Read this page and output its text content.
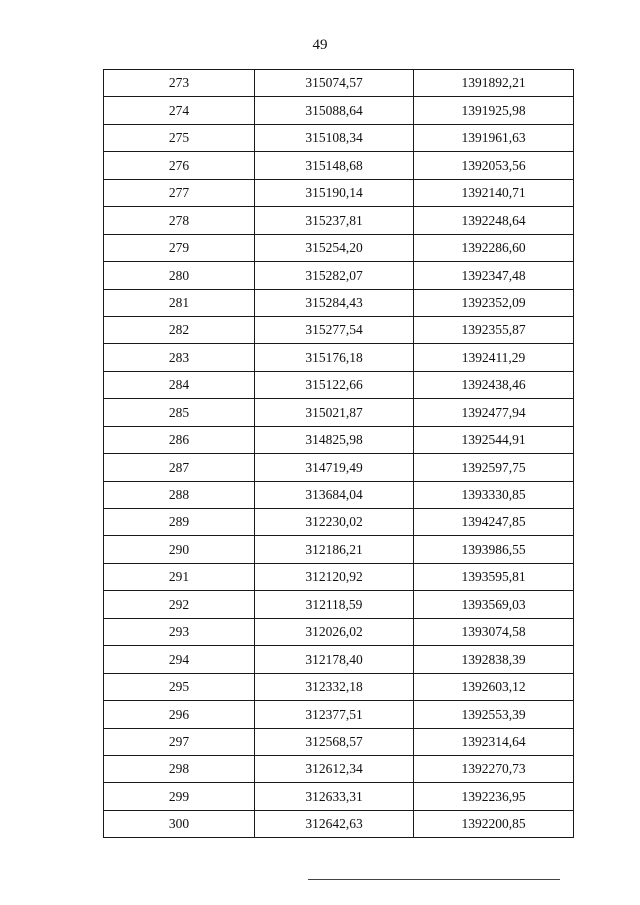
49
273	315074,57	1391892,21
274	315088,64	1391925,98
275	315108,34	1391961,63
276	315148,68	1392053,56
277	315190,14	1392140,71
278	315237,81	1392248,64
279	315254,20	1392286,60
280	315282,07	1392347,48
281	315284,43	1392352,09
282	315277,54	1392355,87
283	315176,18	1392411,29
284	315122,66	1392438,46
285	315021,87	1392477,94
286	314825,98	1392544,91
287	314719,49	1392597,75
288	313684,04	1393330,85
289	312230,02	1394247,85
290	312186,21	1393986,55
291	312120,92	1393595,81
292	312118,59	1393569,03
293	312026,02	1393074,58
294	312178,40	1392838,39
295	312332,18	1392603,12
296	312377,51	1392553,39
297	312568,57	1392314,64
298	312612,34	1392270,73
299	312633,31	1392236,95
300	312642,63	1392200,85
